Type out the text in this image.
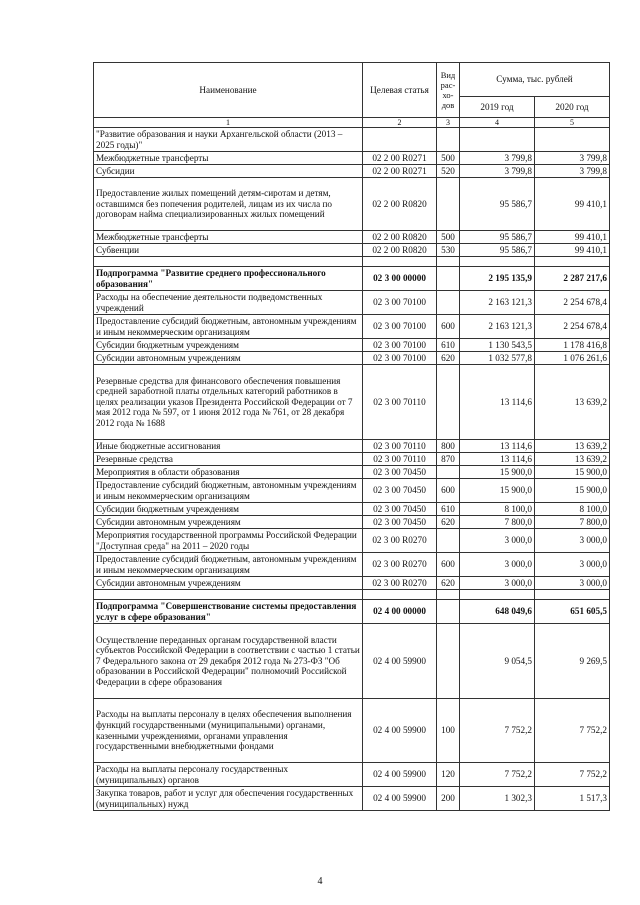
Наименование	Целевая статья	Вид рас- хо- дов	Сумма, тыс. рублей	
			2019 год	2020 год
1	2	3	4	5
"Развитие образования и науки Архангельской области (2013 – 2025 годы)"				
Межбюджетные трансферты	02 2 00 R0271	500	3 799,8	3 799,8
Субсидии	02 2 00 R0271	520	3 799,8	3 799,8
Предоставление жилых помещений детям-сиротам и детям, оставшимся без попечения родителей, лицам из их числа по договорам найма специализированных жилых помещений	02 2 00 R0820		95 586,7	99 410,1
Межбюджетные трансферты	02 2 00 R0820	500	95 586,7	99 410,1
Субвенции	02 2 00 R0820	530	95 586,7	99 410,1

Подпрограмма "Развитие среднего профессионального образования"	02 3 00 00000		2 195 135,9	2 287 217,6
Расходы на обеспечение деятельности подведомственных учреждений	02 3 00 70100		2 163 121,3	2 254 678,4
Предоставление субсидий бюджетным, автономным учреждениям и иным некоммерческим организациям	02 3 00 70100	600	2 163 121,3	2 254 678,4
Субсидии бюджетным учреждениям	02 3 00 70100	610	1 130 543,5	1 178 416,8
Субсидии автономным учреждениям	02 3 00 70100	620	1 032 577,8	1 076 261,6
Резервные средства для финансового обеспечения повышения средней заработной платы отдельных категорий работников в целях реализации указов Президента Российской Федерации от 7 мая 2012 года № 597, от 1 июня 2012 года № 761, от 28 декабря 2012 года № 1688	02 3 00 70110		13 114,6	13 639,2
Иные бюджетные ассигнования	02 3 00 70110	800	13 114,6	13 639,2
Резервные средства	02 3 00 70110	870	13 114,6	13 639,2
Мероприятия в области образования	02 3 00 70450		15 900,0	15 900,0
Предоставление субсидий бюджетным, автономным учреждениям и иным некоммерческим организациям	02 3 00 70450	600	15 900,0	15 900,0
Субсидии бюджетным учреждениям	02 3 00 70450	610	8 100,0	8 100,0
Субсидии автономным учреждениям	02 3 00 70450	620	7 800,0	7 800,0
Мероприятия государственной программы Российской Федерации "Доступная среда" на 2011 – 2020 годы	02 3 00 R0270		3 000,0	3 000,0
Предоставление субсидий бюджетным, автономным учреждениям и иным некоммерческим организациям	02 3 00 R0270	600	3 000,0	3 000,0
Субсидии автономным учреждениям	02 3 00 R0270	620	3 000,0	3 000,0

Подпрограмма "Совершенствование системы предоставления услуг в сфере образования"	02 4 00 00000		648 049,6	651 605,5
Осуществление переданных органам государственной власти субъектов Российской Федерации в соответствии с частью 1 статьи 7 Федерального закона от 29 декабря 2012 года № 273-ФЗ "Об образовании в Российской Федерации" полномочий Российской Федерации в сфере образования	02 4 00 59900		9 054,5	9 269,5
Расходы на выплаты персоналу в целях обеспечения выполнения функций государственными (муниципальными) органами, казенными учреждениями, органами управления государственными внебюджетными фондами	02 4 00 59900	100	7 752,2	7 752,2
Расходы на выплаты персоналу государственных (муниципальных) органов	02 4 00 59900	120	7 752,2	7 752,2
Закупка товаров, работ и услуг для обеспечения государственных (муниципальных) нужд	02 4 00 59900	200	1 302,3	1 517,3
4
